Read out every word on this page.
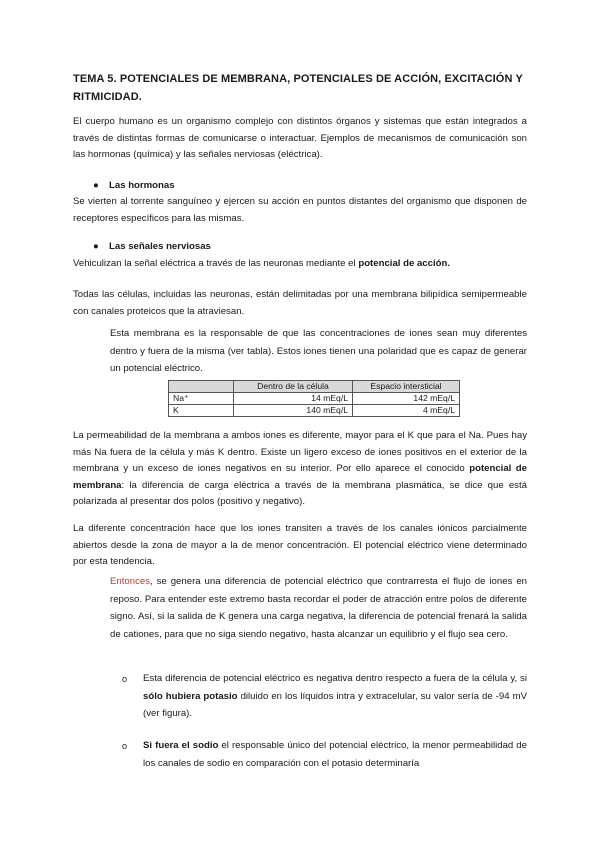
TEMA 5. POTENCIALES DE MEMBRANA, POTENCIALES DE ACCIÓN, EXCITACIÓN Y RITMICIDAD.
El cuerpo humano es un organismo complejo con distintos órganos y sistemas que están integrados a través de distintas formas de comunicarse o interactuar. Ejemplos de mecanismos de comunicación son las hormonas (química) y las señales nerviosas (eléctrica).
● Las hormonas
Se vierten al torrente sanguíneo y ejercen su acción en puntos distantes del organismo que disponen de receptores específicos para las mismas.
● Las señales nerviosas
Vehiculizan la señal eléctrica a través de las neuronas mediante el potencial de acción.
Todas las células, incluidas las neuronas, están delimitadas por una membrana bilipídica semipermeable con canales proteicos que la atraviesan.
Esta membrana es la responsable de que las concentraciones de iones sean muy diferentes dentro y fuera de la misma (ver tabla). Estos iones tienen una polaridad que es capaz de generar un potencial eléctrico.
	Dentro de la célula	Espacio intersticial
Na⁺	14 mEq/L	142 mEq/L
K	140 mEq/L	4 mEq/L
La permeabilidad de la membrana a ambos iones es diferente, mayor para el K que para el Na. Pues hay más Na fuera de la célula y más K dentro. Existe un ligero exceso de iones positivos en el exterior de la membrana y un exceso de iones negativos en su interior. Por ello aparece el conocido potencial de membrana: la diferencia de carga eléctrica a través de la membrana plasmática, se dice que está polarizada al presentar dos polos (positivo y negativo).
La diferente concentración hace que los iones transiten a través de los canales iónicos parcialmente abiertos desde la zona de mayor a la de menor concentración. El potencial eléctrico viene determinado por esta tendencia.
Entonces, se genera una diferencia de potencial eléctrico que contrarresta el flujo de iones en reposo. Para entender este extremo basta recordar el poder de atracción entre polos de diferente signo. Así, si la salida de K genera una carga negativa, la diferencia de potencial frenará la salida de cationes, para que no siga siendo negativo, hasta alcanzar un equilibrio y el flujo sea cero.
o Esta diferencia de potencial eléctrico es negativa dentro respecto a fuera de la célula y, si sólo hubiera potasio diluido en los líquidos intra y extracelular, su valor sería de -94 mV (ver figura).
o Si fuera el sodio el responsable único del potencial eléctrico, la menor permeabilidad de los canales de sodio en comparación con el potasio determinaría
